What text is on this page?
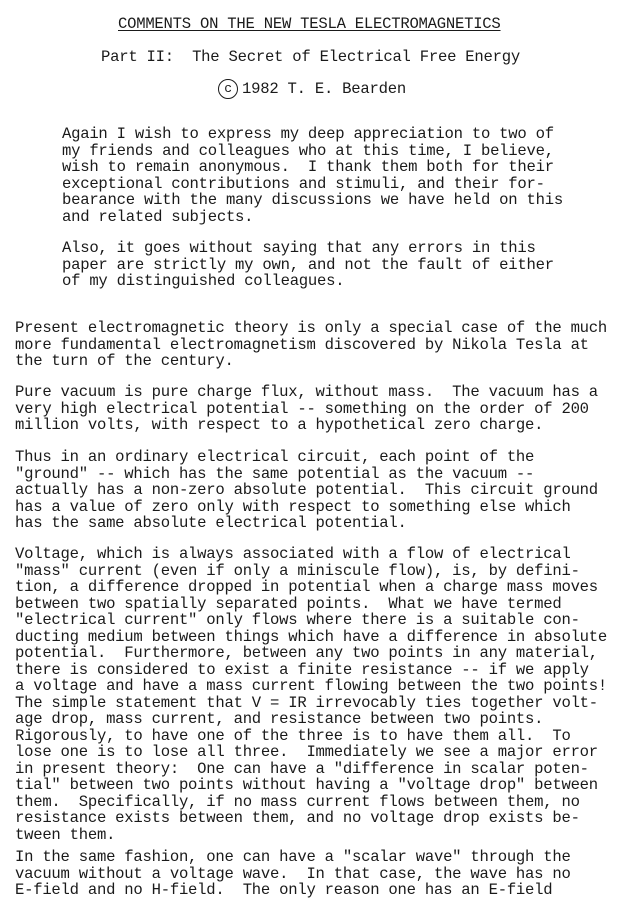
COMMENTS ON THE NEW TESLA ELECTROMAGNETICS
Part II:  The Secret of Electrical Free Energy
c 1982 T. E. Bearden
Again I wish to express my deep appreciation to two of
my friends and colleagues who at this time, I believe,
wish to remain anonymous.  I thank them both for their
exceptional contributions and stimuli, and their for-
bearance with the many discussions we have held on this
and related subjects.
Also, it goes without saying that any errors in this
paper are strictly my own, and not the fault of either
of my distinguished colleagues.
Present electromagnetic theory is only a special case of the much
more fundamental electromagnetism discovered by Nikola Tesla at
the turn of the century.
Pure vacuum is pure charge flux, without mass.  The vacuum has a
very high electrical potential -- something on the order of 200
million volts, with respect to a hypothetical zero charge.
Thus in an ordinary electrical circuit, each point of the
"ground" -- which has the same potential as the vacuum --
actually has a non-zero absolute potential.  This circuit ground
has a value of zero only with respect to something else which
has the same absolute electrical potential.
Voltage, which is always associated with a flow of electrical
"mass" current (even if only a miniscule flow), is, by defini-
tion, a difference dropped in potential when a charge mass moves
between two spatially separated points.  What we have termed
"electrical current" only flows where there is a suitable con-
ducting medium between things which have a difference in absolute
potential.  Furthermore, between any two points in any material,
there is considered to exist a finite resistance -- if we apply
a voltage and have a mass current flowing between the two points!
The simple statement that V = IR irrevocably ties together volt-
age drop, mass current, and resistance between two points.
Rigorously, to have one of the three is to have them all.  To
lose one is to lose all three.  Immediately we see a major error
in present theory:  One can have a "difference in scalar poten-
tial" between two points without having a "voltage drop" between
them.  Specifically, if no mass current flows between them, no
resistance exists between them, and no voltage drop exists be-
tween them.
In the same fashion, one can have a "scalar wave" through the
vacuum without a voltage wave.  In that case, the wave has no
E-field and no H-field.  The only reason one has an E-field
